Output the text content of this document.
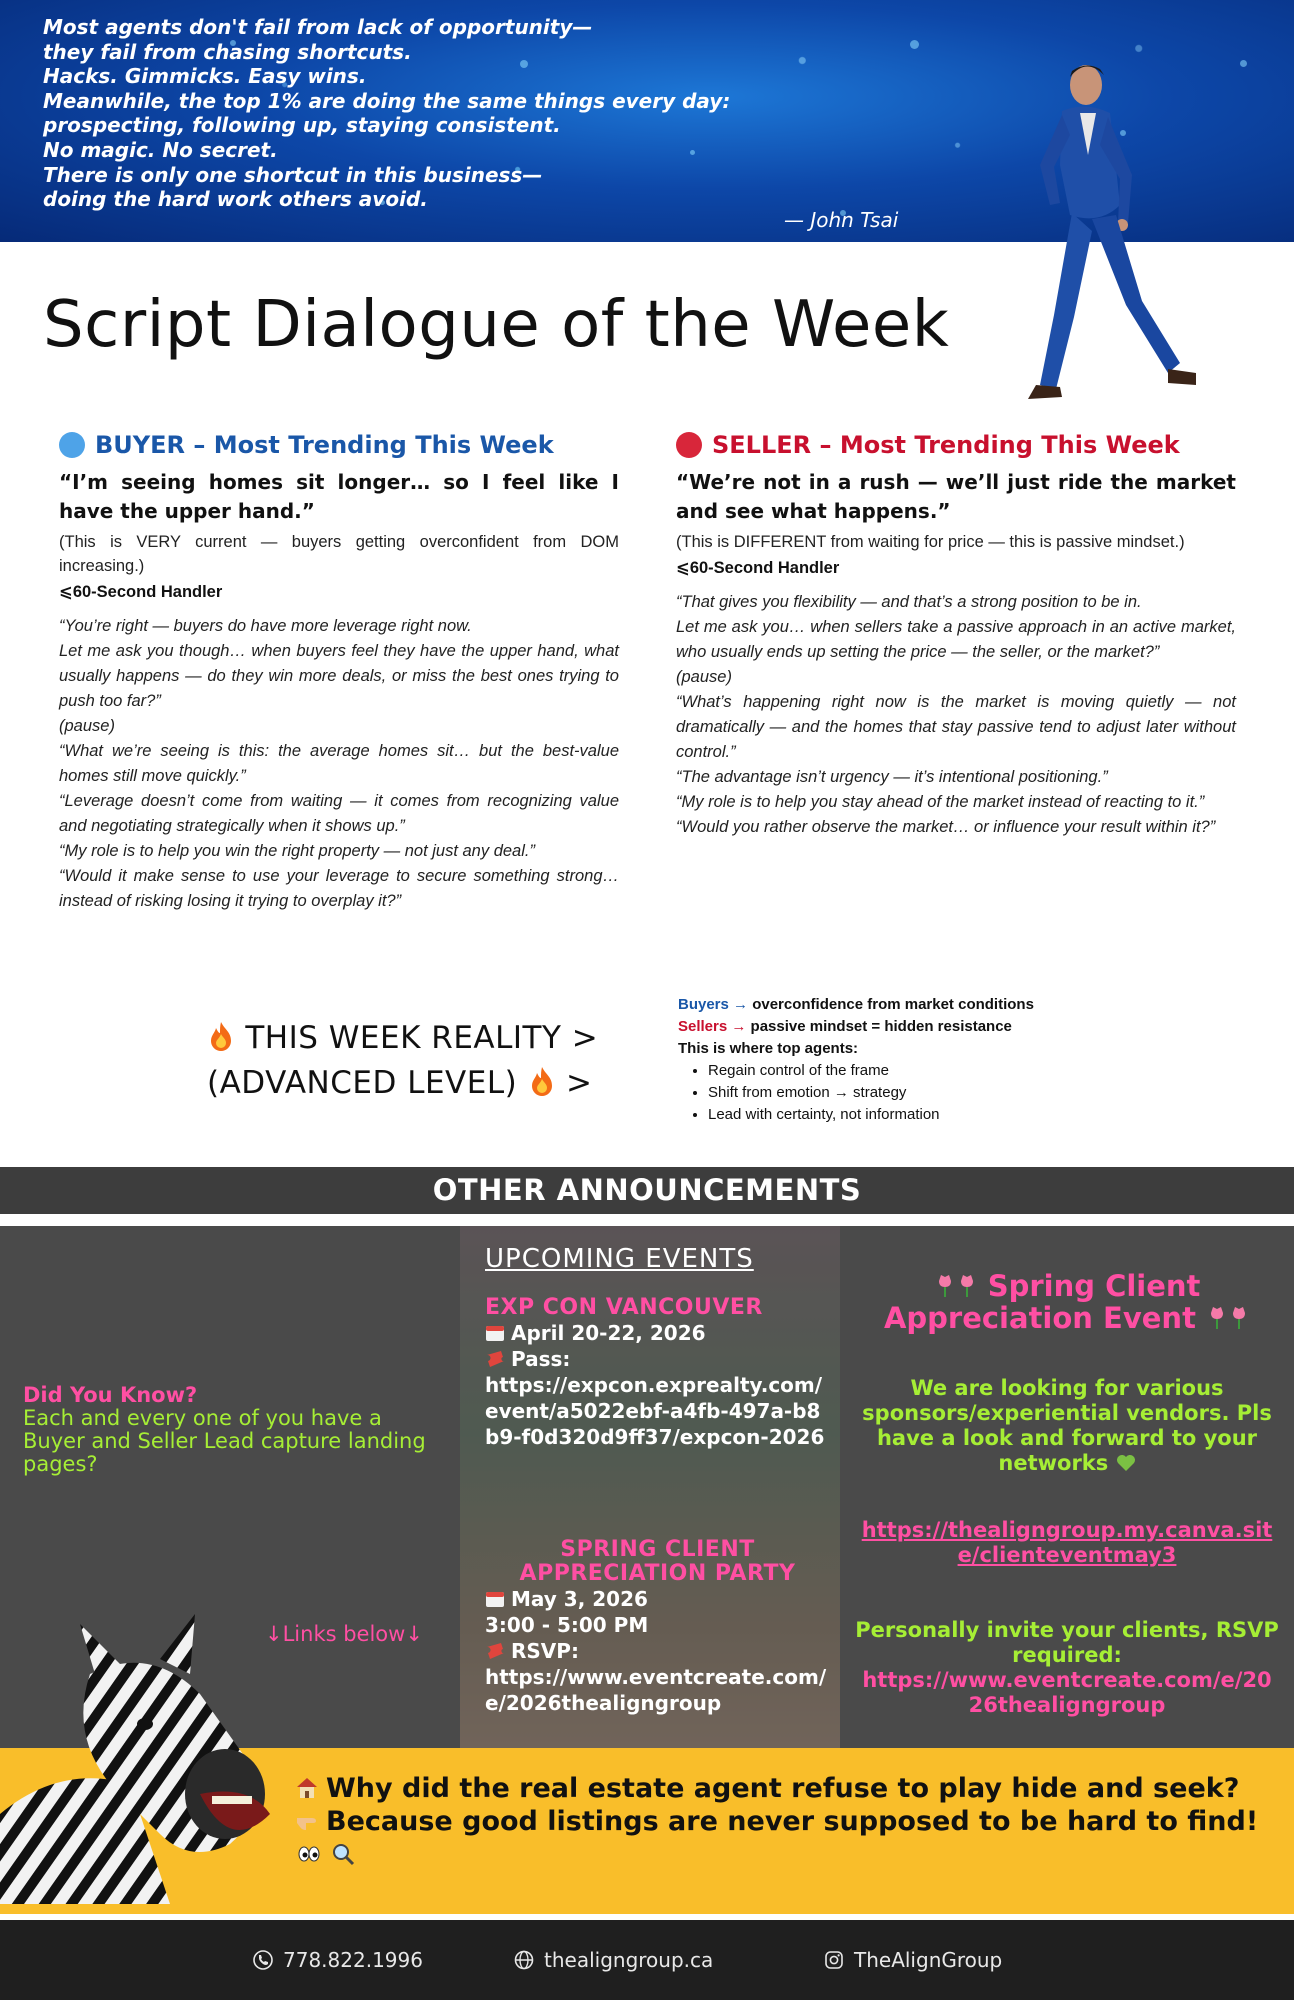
Most agents don't fail from lack of opportunity—
they fail from chasing shortcuts.
Hacks. Gimmicks. Easy wins.
Meanwhile, the top 1% are doing the same things every day:
prospecting, following up, staying consistent.
No magic. No secret.
There is only one shortcut in this business—
doing the hard work others avoid.
— John Tsai
Script Dialogue of the Week
BUYER – Most Trending This Week
“I’m seeing homes sit longer… so I feel like I have the upper hand.”
(This is VERY current — buyers getting overconfident from DOM increasing.)
⩽60-Second Handler
“You’re right — buyers do have more leverage right now.
Let me ask you though… when buyers feel they have the upper hand, what usually happens — do they win more deals, or miss the best ones trying to push too far?”
(pause)
“What we’re seeing is this: the average homes sit… but the best-value homes still move quickly.”
“Leverage doesn’t come from waiting — it comes from recognizing value and negotiating strategically when it shows up.”
“My role is to help you win the right property — not just any deal.”
“Would it make sense to use your leverage to secure something strong… instead of risking losing it trying to overplay it?”
SELLER – Most Trending This Week
“We’re not in a rush — we’ll just ride the market and see what happens.”
(This is DIFFERENT from waiting for price — this is passive mindset.)
⩽60-Second Handler
“That gives you flexibility — and that’s a strong position to be in.
Let me ask you… when sellers take a passive approach in an active market, who usually ends up setting the price — the seller, or the market?”
(pause)
“What’s happening right now is the market is moving quietly — not dramatically — and the homes that stay passive tend to adjust later without control.”
“The advantage isn’t urgency — it’s intentional positioning.”
“My role is to help you stay ahead of the market instead of reacting to it.”
“Would you rather observe the market… or influence your result within it?”
THIS WEEK REALITY >
(ADVANCED LEVEL) >
Buyers → overconfidence from market conditions
Sellers → passive mindset = hidden resistance
This is where top agents:
• Regain control of the frame
• Shift from emotion → strategy
• Lead with certainty, not information
OTHER ANNOUNCEMENTS
Did You Know?
Each and every one of you have a Buyer and Seller Lead capture landing pages?
↓Links below↓
UPCOMING EVENTS
EXP CON VANCOUVER
April 20-22, 2026
Pass:
https://expcon.exprealty.com/event/a5022ebf-a4fb-497a-b8b9-f0d320d9ff37/expcon-2026
SPRING CLIENT APPRECIATION PARTY
May 3, 2026
3:00 - 5:00 PM
RSVP:
https://www.eventcreate.com/e/2026thealigngroup
Spring Client Appreciation Event
We are looking for various sponsors/experiential vendors. Pls have a look and forward to your networks
https://thealigngroup.my.canva.site/clienteventmay3
Personally invite your clients, RSVP required:
https://www.eventcreate.com/e/2026thealigngroup
Why did the real estate agent refuse to play hide and seek?
Because good listings are never supposed to be hard to find!
778.822.1996	thealigngroup.ca	TheAlignGroup
